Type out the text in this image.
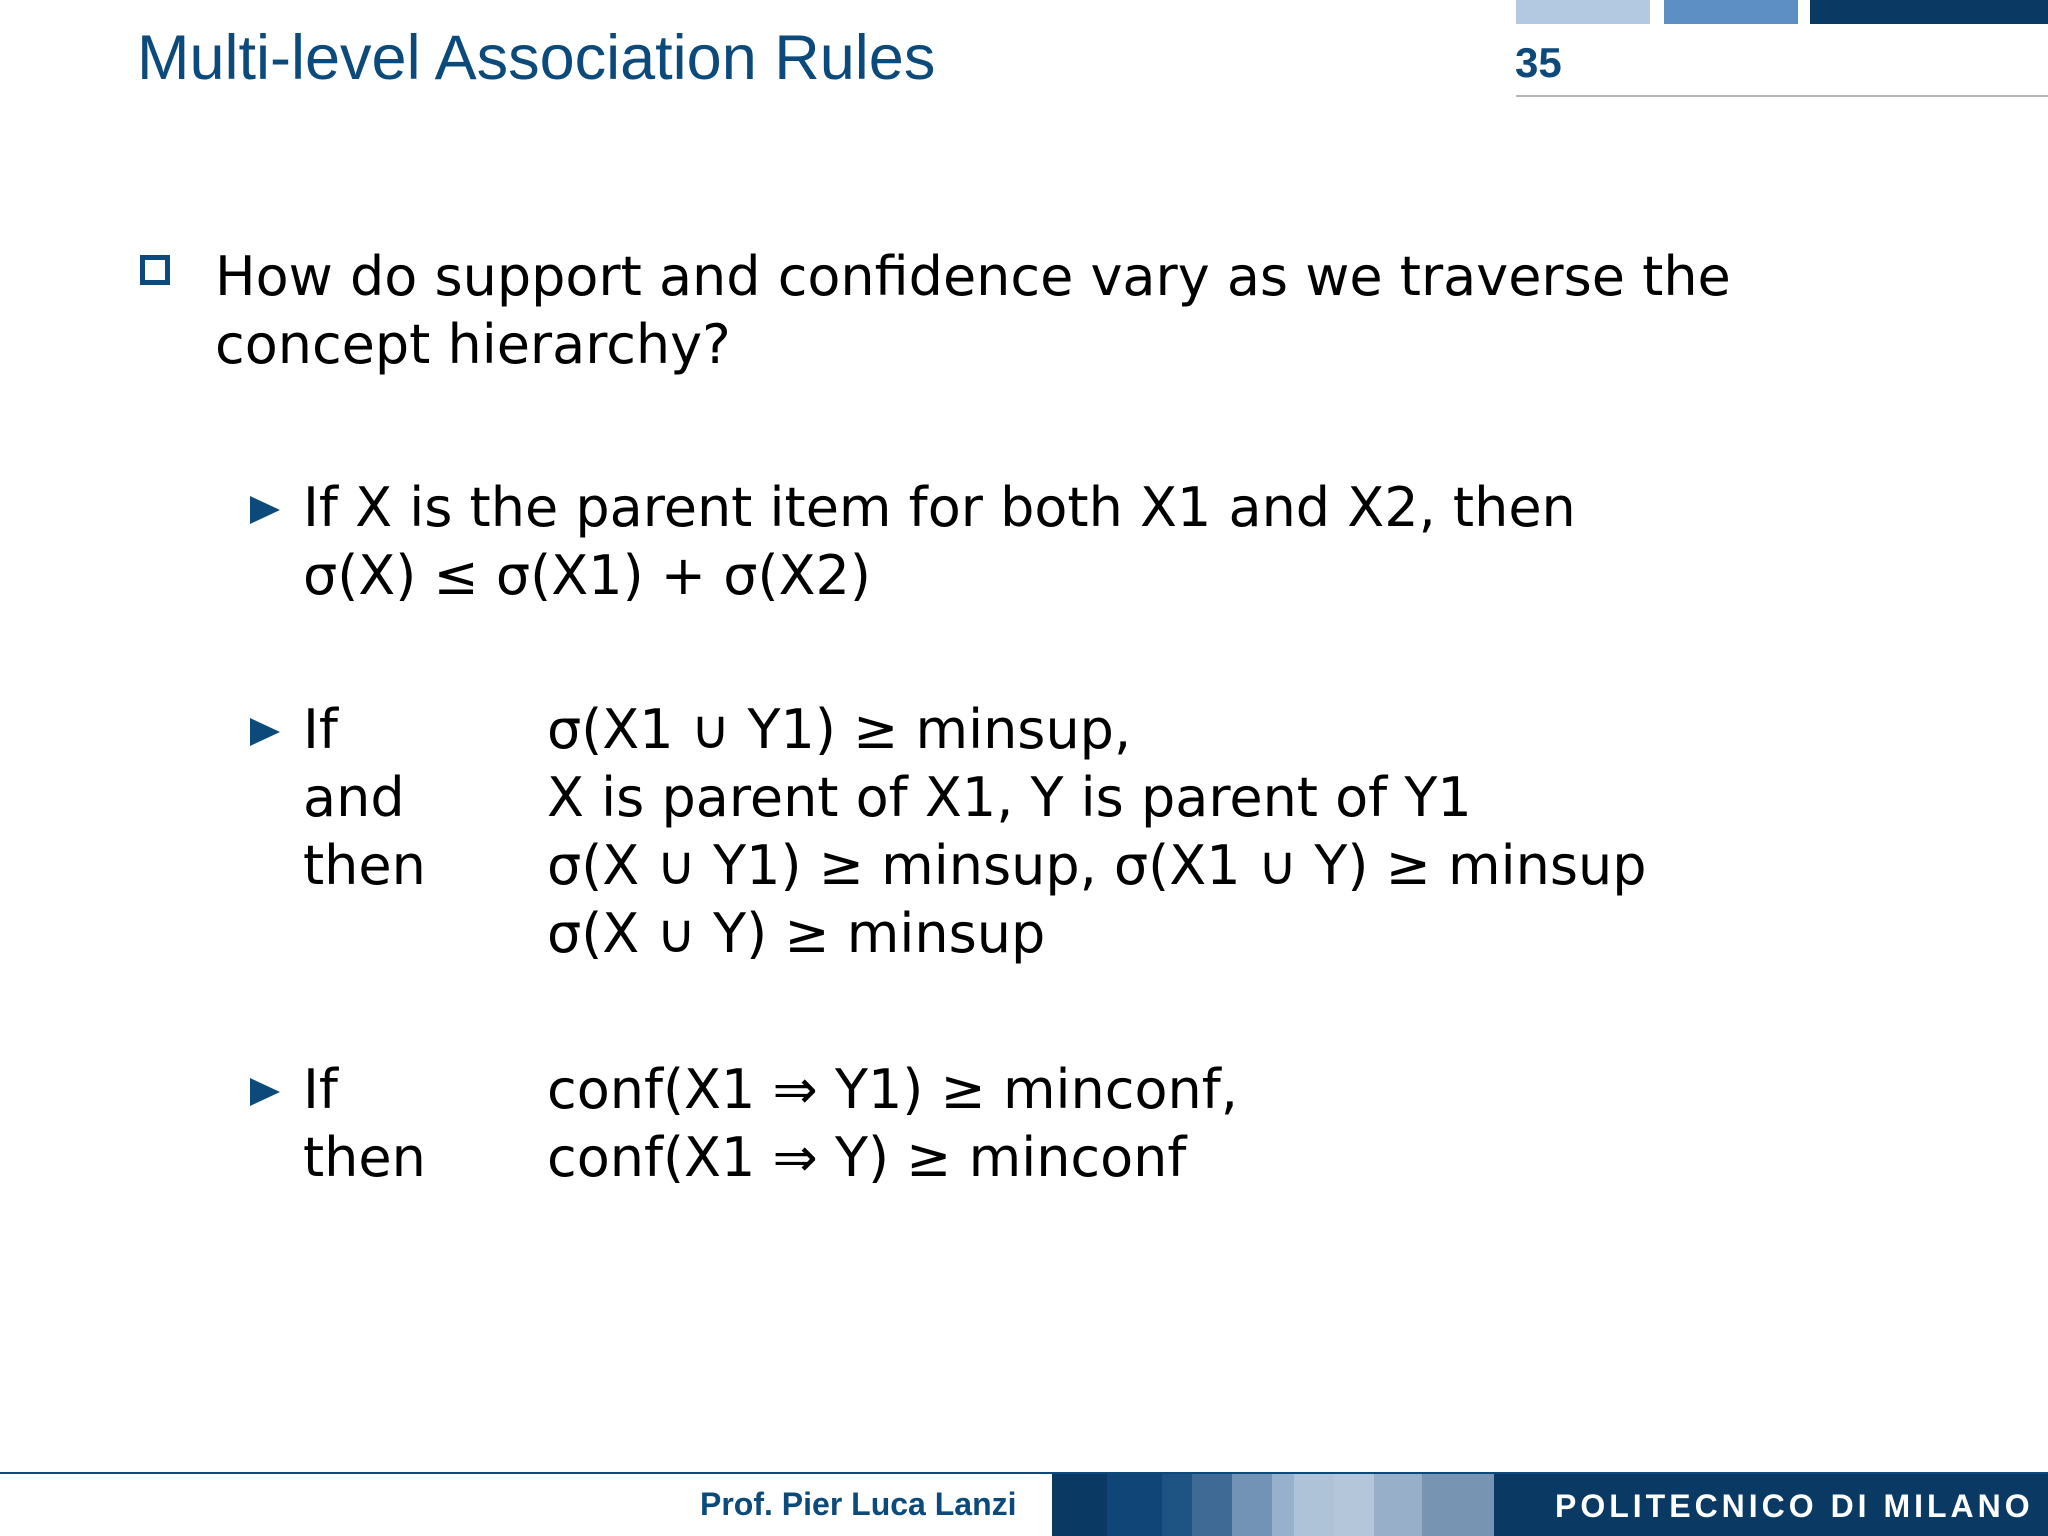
Multi-level Association Rules	35
How do support and confidence vary as we traverse the
concept hierarchy?
If X is the parent item for both X1 and X2, then
σ(X) ≤ σ(X1) + σ(X2)
If	σ(X1 ∪ Y1) ≥ minsup,
and	X is parent of X1, Y is parent of Y1
then σ(X ∪ Y1) ≥ minsup, σ(X1 ∪ Y) ≥ minsup
σ(X ∪ Y) ≥ minsup
If	conf(X1 ⇒ Y1) ≥ minconf,
then conf(X1 ⇒ Y) ≥ minconf
Prof. Pier Luca Lanzi	POLITECNICO DI MILANO
